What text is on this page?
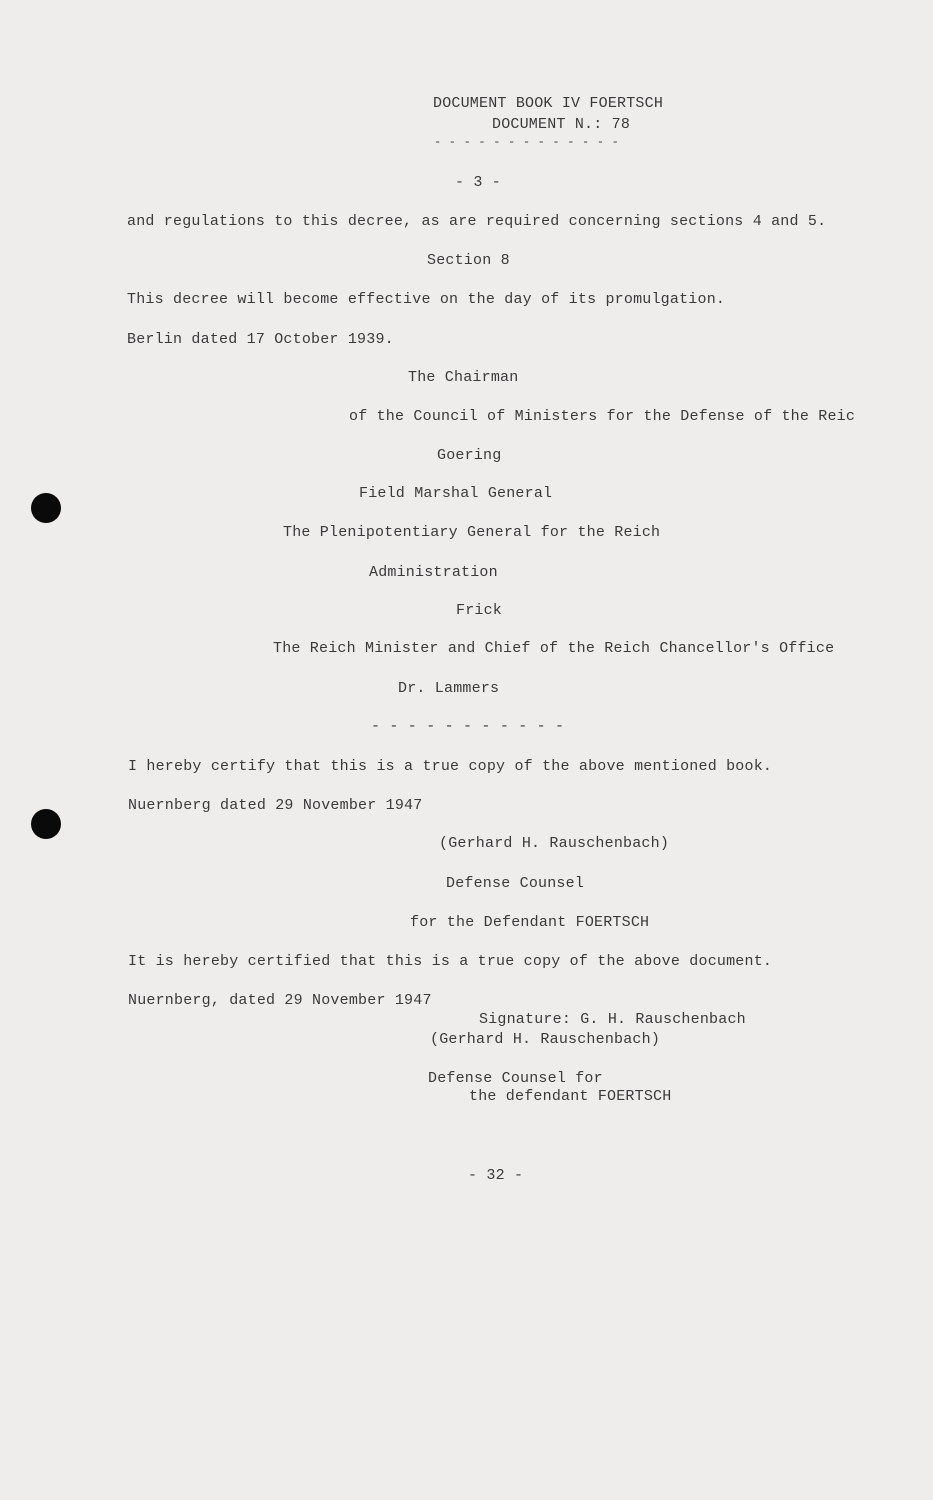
DOCUMENT BOOK IV FOERTSCH
DOCUMENT N.: 78
- - - - - - - - - - - - -
- 3 -
and regulations to this decree, as are required concerning sections 4 and 5.
Section 8
This decree will become effective on the day of its promulgation.
Berlin dated 17 October 1939.
The Chairman
of the Council of Ministers for the Defense of the Reic
Goering
Field Marshal General
The Plenipotentiary General for the Reich
Administration
Frick
The Reich Minister and Chief of the Reich Chancellor's Office
Dr. Lammers
- - - - - - - - - - -
I hereby certify that this is a true copy of the above mentioned book.
Nuernberg dated 29 November 1947
(Gerhard H. Rauschenbach)
Defense Counsel
for the Defendant FOERTSCH
It is hereby certified that this is a true copy of the above document.
Nuernberg, dated 29 November 1947
Signature: G. H. Rauschenbach
(Gerhard H. Rauschenbach)
Defense Counsel for
the defendant FOERTSCH
- 32 -
